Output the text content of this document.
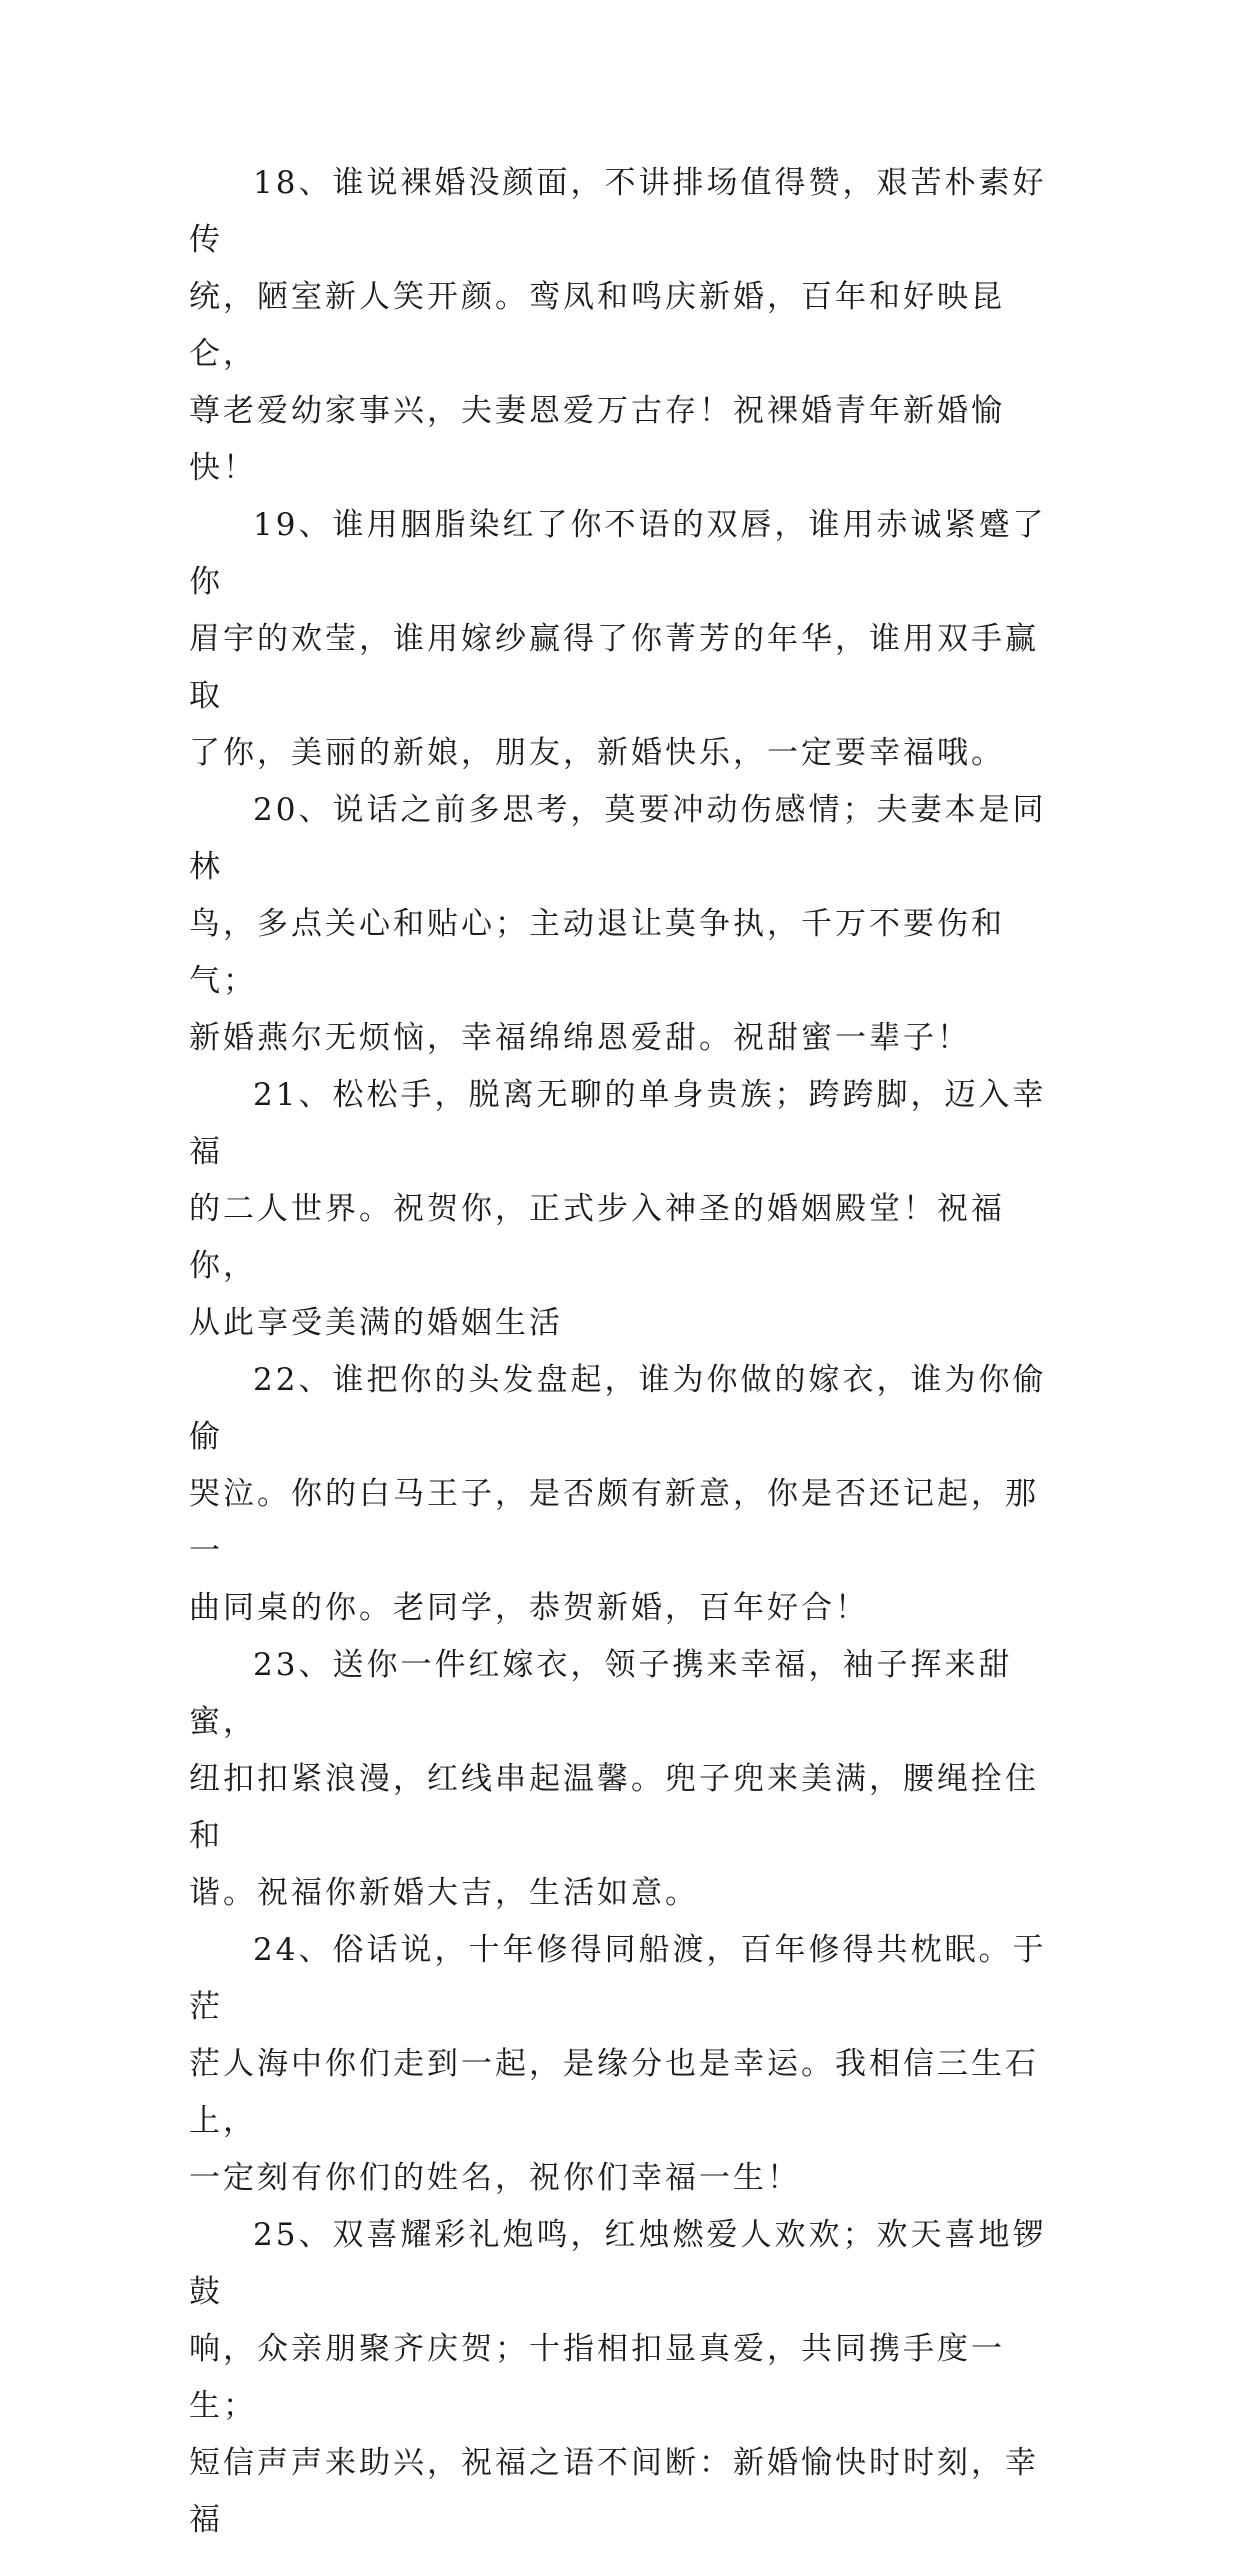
18、谁说裸婚没颜面，不讲排场值得赞，艰苦朴素好传
统，陋室新人笑开颜。鸾凤和鸣庆新婚，百年和好映昆仑，
尊老爱幼家事兴，夫妻恩爱万古存！祝裸婚青年新婚愉快！

19、谁用胭脂染红了你不语的双唇，谁用赤诚紧蹙了你
眉宇的欢莹，谁用嫁纱赢得了你菁芳的年华，谁用双手赢取
了你，美丽的新娘，朋友，新婚快乐，一定要幸福哦。

20、说话之前多思考，莫要冲动伤感情；夫妻本是同林
鸟，多点关心和贴心；主动退让莫争执，千万不要伤和气；
新婚燕尔无烦恼，幸福绵绵恩爱甜。祝甜蜜一辈子！

21、松松手，脱离无聊的单身贵族；跨跨脚，迈入幸福
的二人世界。祝贺你，正式步入神圣的婚姻殿堂！祝福你，
从此享受美满的婚姻生活

22、谁把你的头发盘起，谁为你做的嫁衣，谁为你偷偷
哭泣。你的白马王子，是否颇有新意，你是否还记起，那一
曲同桌的你。老同学，恭贺新婚，百年好合！

23、送你一件红嫁衣，领子携来幸福，袖子挥来甜蜜，
纽扣扣紧浪漫，红线串起温馨。兜子兜来美满，腰绳拴住和
谐。祝福你新婚大吉，生活如意。

24、俗话说，十年修得同船渡，百年修得共枕眠。于茫
茫人海中你们走到一起，是缘分也是幸运。我相信三生石上，
一定刻有你们的姓名，祝你们幸福一生！

25、双喜耀彩礼炮鸣，红烛燃爱人欢欢；欢天喜地锣鼓
响，众亲朋聚齐庆贺；十指相扣显真爱，共同携手度一生；
短信声声来助兴，祝福之语不间断：新婚愉快时时刻，幸福
